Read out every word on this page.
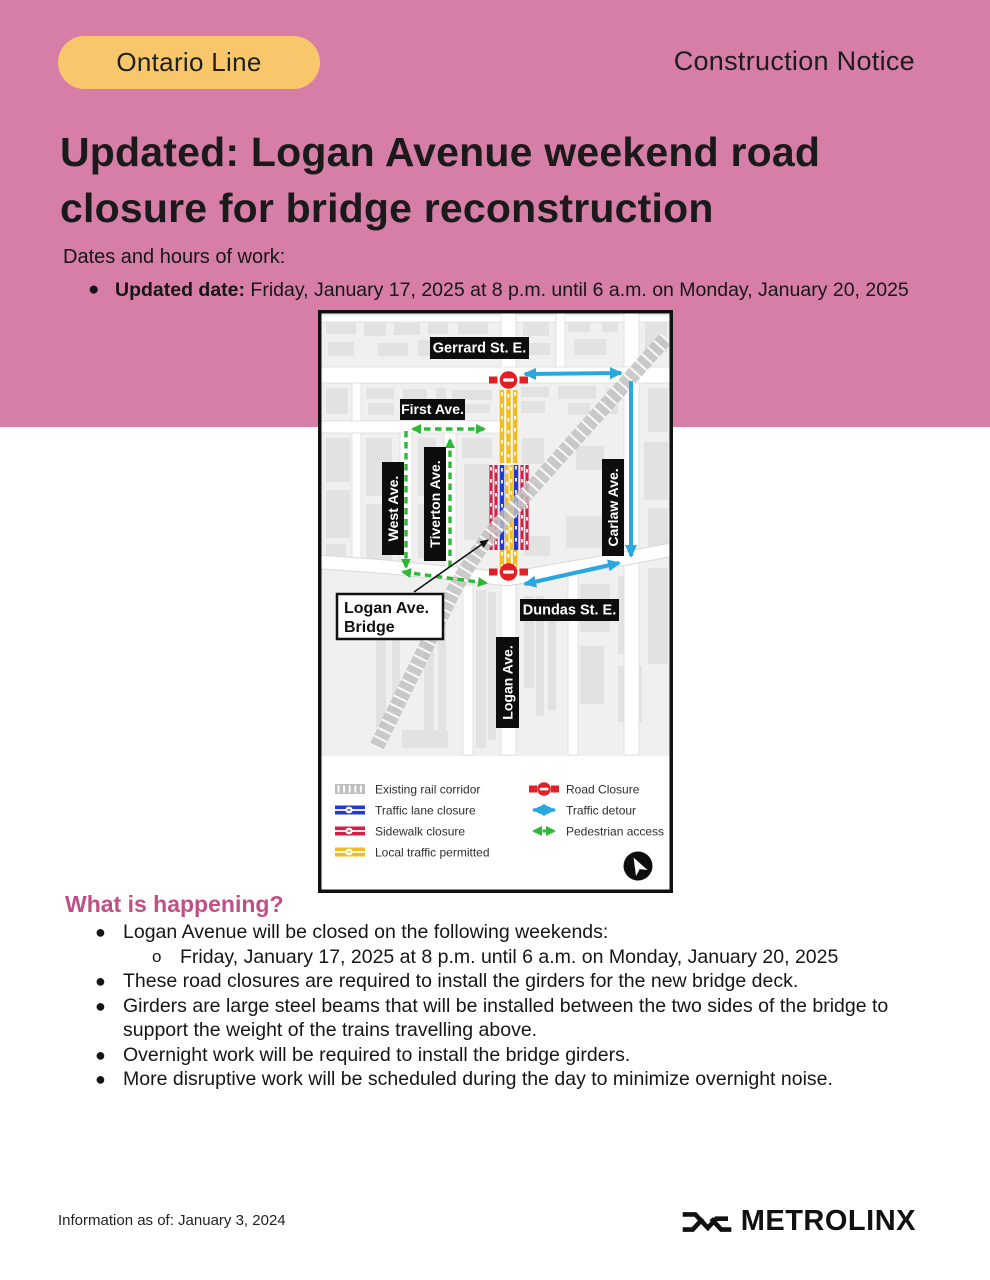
Ontario Line	Construction Notice
Updated: Logan Avenue weekend road closure for bridge reconstruction
Dates and hours of work:
● Updated date: Friday, January 17, 2025 at 8 p.m. until 6 a.m. on Monday, January 20, 2025
Gerrard St. E.
First Ave.
West Ave. Tiverton Ave.	Carlaw Ave.
Dundas St. E.
Logan Ave.
Logan Ave.
Bridge
Existing rail corridor
Traffic lane closure
Sidewalk closure
Local traffic permitted
Road Closure
Traffic detour
Pedestrian access
What is happening?
● Logan Avenue will be closed on the following weekends:
o Friday, January 17, 2025 at 8 p.m. until 6 a.m. on Monday, January 20, 2025
● These road closures are required to install the girders for the new bridge deck.
● Girders are large steel beams that will be installed between the two sides of the bridge to support the weight of the trains travelling above.
● Overnight work will be required to install the bridge girders.
● More disruptive work will be scheduled during the day to minimize overnight noise.
Information as of: January 3, 2024	METROLINX
